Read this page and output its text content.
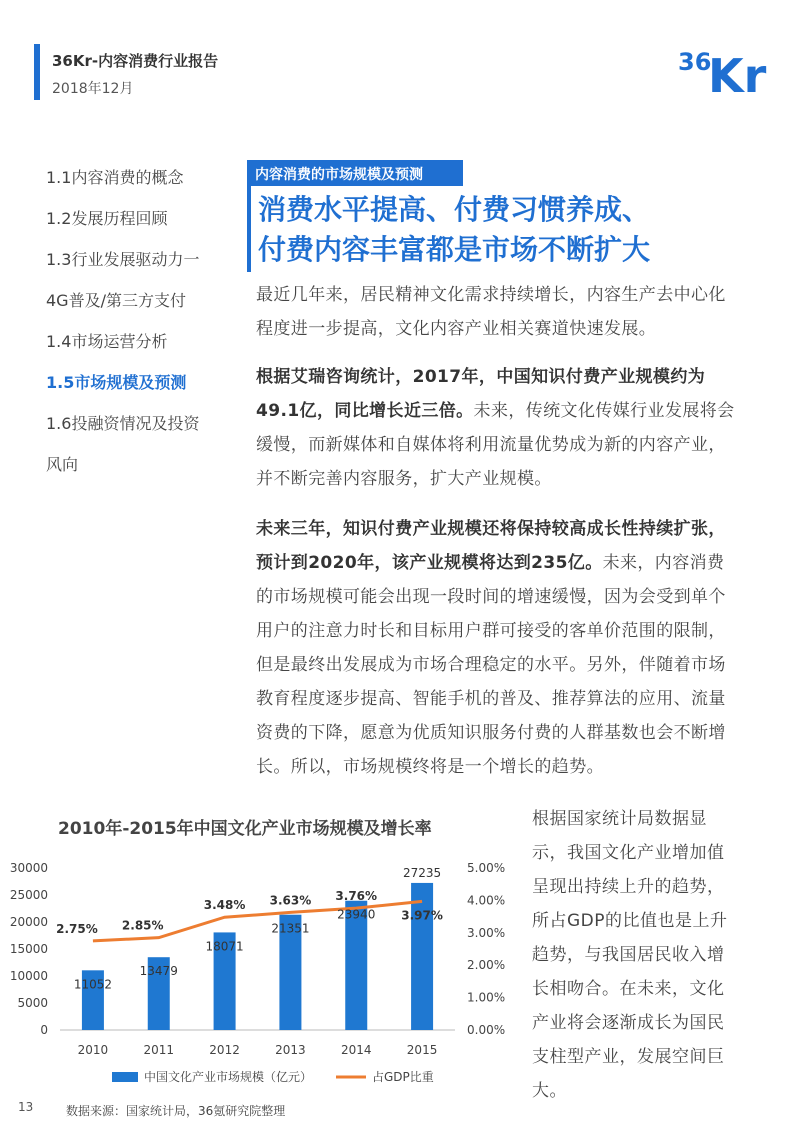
36Kr-内容消费行业报告
2018年12月
36
Kr
1.1内容消费的概念
1.2发展历程回顾
1.3行业发展驱动力一
4G普及/第三方支付
1.4市场运营分析
1.5市场规模及预测
1.6投融资情况及投资
风向
内容消费的市场规模及预测
消费水平提高、付费习惯养成、
付费内容丰富都是市场不断扩大
最近几年来，居民精神文化需求持续增长，内容生产去中心化程度进一步提高，文化内容产业相关赛道快速发展。
根据艾瑞咨询统计，2017年，中国知识付费产业规模约为49.1亿，同比增长近三倍。未来，传统文化传媒行业发展将会缓慢，而新媒体和自媒体将利用流量优势成为新的内容产业，并不断完善内容服务，扩大产业规模。
未来三年，知识付费产业规模还将保持较高成长性持续扩张，预计到2020年，该产业规模将达到235亿。未来，内容消费的市场规模可能会出现一段时间的增速缓慢，因为会受到单个用户的注意力时长和目标用户群可接受的客单价范围的限制，但是最终出发展成为市场合理稳定的水平。另外，伴随着市场教育程度逐步提高、智能手机的普及、推荐算法的应用、流量资费的下降，愿意为优质知识服务付费的人群基数也会不断增长。所以，市场规模终将是一个增长的趋势。
2010年-2015年中国文化产业市场规模及增长率
0
5000
10000
15000
20000
25000
30000
0.00%
1.00%
2.00%
3.00%
4.00%
5.00%
2010	2011	2012	2013	2014	2015
11052
13479
18071
21351
23940
27235
2.75% 2.85%
3.48% 3.63% 3.76%
3.97%
中国文化产业市场规模（亿元）	占GDP比重
根据国家统计局数据显示，我国文化产业增加值呈现出持续上升的趋势，所占GDP的比值也是上升趋势，与我国居民收入增长相吻合。在未来，文化产业将会逐渐成长为国民支柱型产业，发展空间巨大。
13	数据来源：国家统计局，36氪研究院整理
